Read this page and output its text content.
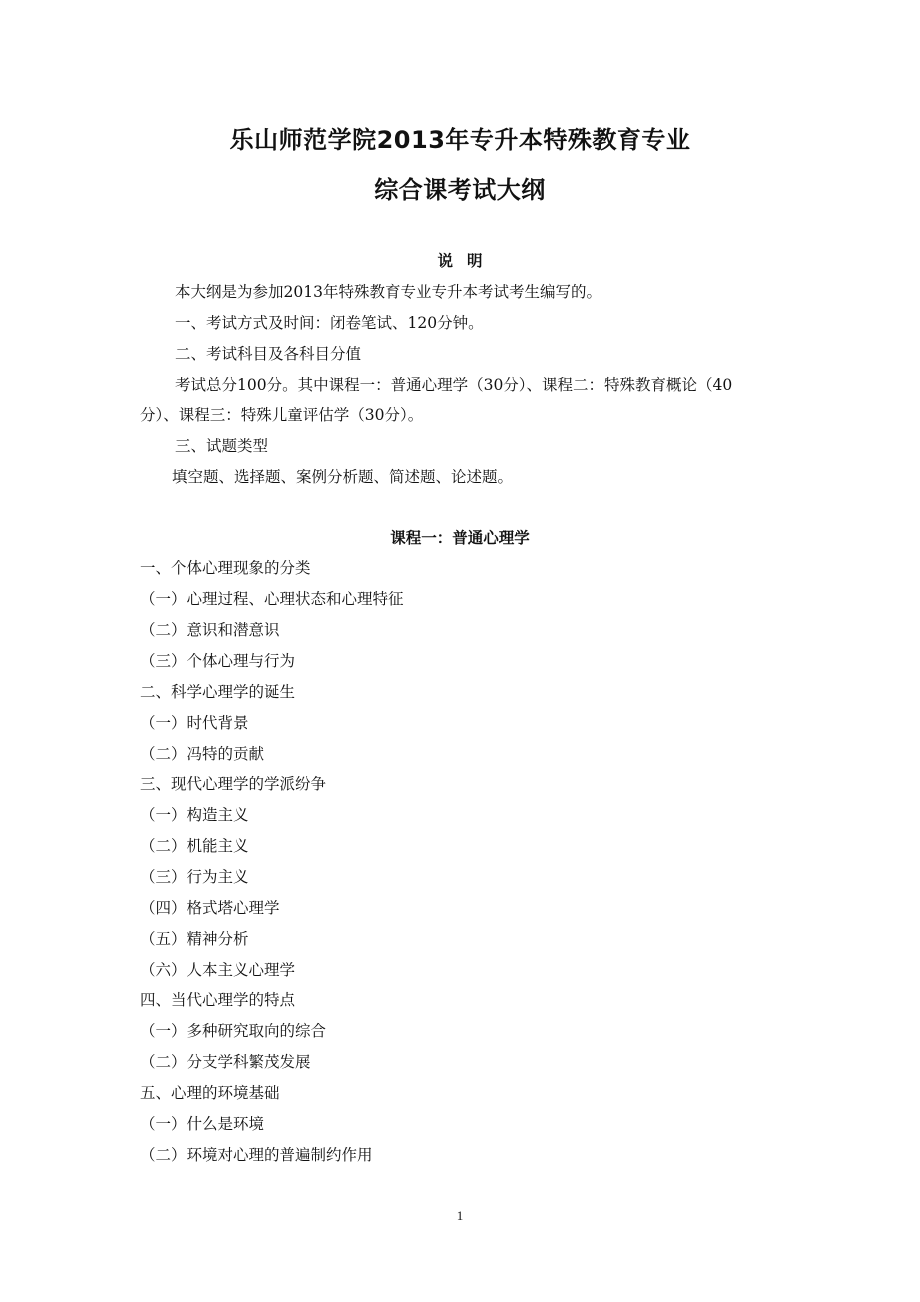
乐山师范学院2013年专升本特殊教育专业
综合课考试大纲
说明
本大纲是为参加2013年特殊教育专业专升本考试考生编写的。
一、考试方式及时间：闭卷笔试、120分钟。
二、考试科目及各科目分值
考试总分100分。其中课程一：普通心理学（30分）、课程二：特殊教育概论（40
分）、课程三：特殊儿童评估学（30分）。
三、试题类型
填空题、选择题、案例分析题、简述题、论述题。
课程一：普通心理学
一、个体心理现象的分类
（一）心理过程、心理状态和心理特征
（二）意识和潜意识
（三）个体心理与行为
二、科学心理学的诞生
（一）时代背景
（二）冯特的贡献
三、现代心理学的学派纷争
（一）构造主义
（二）机能主义
（三）行为主义
（四）格式塔心理学
（五）精神分析
（六）人本主义心理学
四、当代心理学的特点
（一）多种研究取向的综合
（二）分支学科繁茂发展
五、心理的环境基础
（一）什么是环境
（二）环境对心理的普遍制约作用
1
